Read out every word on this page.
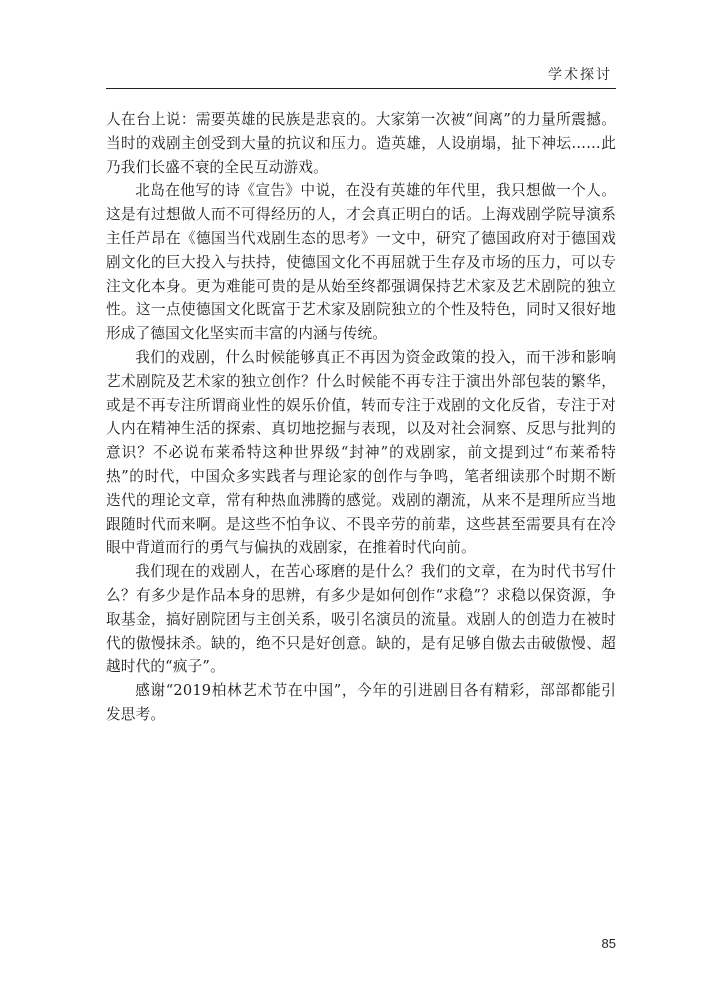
学术探讨

人在台上说：需要英雄的民族是悲哀的。大家第一次被“间离”的力量所震撼。当时的戏剧主创受到大量的抗议和压力。造英雄，人设崩塌，扯下神坛……此乃我们长盛不衰的全民互动游戏。

北岛在他写的诗《宣告》中说，在没有英雄的年代里，我只想做一个人。这是有过想做人而不可得经历的人，才会真正明白的话。上海戏剧学院导演系主任芦昂在《德国当代戏剧生态的思考》一文中，研究了德国政府对于德国戏剧文化的巨大投入与扶持，使德国文化不再屈就于生存及市场的压力，可以专注文化本身。更为难能可贵的是从始至终都强调保持艺术家及艺术剧院的独立性。这一点使德国文化既富于艺术家及剧院独立的个性及特色，同时又很好地形成了德国文化坚实而丰富的内涵与传统。

我们的戏剧，什么时候能够真正不再因为资金政策的投入，而干涉和影响艺术剧院及艺术家的独立创作？什么时候能不再专注于演出外部包装的繁华，或是不再专注所谓商业性的娱乐价值，转而专注于戏剧的文化反省，专注于对人内在精神生活的探索、真切地挖掘与表现，以及对社会洞察、反思与批判的意识？不必说布莱希特这种世界级“封神”的戏剧家，前文提到过“布莱希特热”的时代，中国众多实践者与理论家的创作与争鸣，笔者细读那个时期不断迭代的理论文章，常有种热血沸腾的感觉。戏剧的潮流，从来不是理所应当地跟随时代而来啊。是这些不怕争议、不畏辛劳的前辈，这些甚至需要具有在冷眼中背道而行的勇气与偏执的戏剧家，在推着时代向前。

我们现在的戏剧人，在苦心琢磨的是什么？我们的文章，在为时代书写什么？有多少是作品本身的思辨，有多少是如何创作“求稳”？求稳以保资源，争取基金，搞好剧院团与主创关系，吸引名演员的流量。戏剧人的创造力在被时代的傲慢抹杀。缺的，绝不只是好创意。缺的，是有足够自傲去击破傲慢、超越时代的“疯子”。

感谢“2019柏林艺术节在中国”，今年的引进剧目各有精彩，部部都能引发思考。

85
